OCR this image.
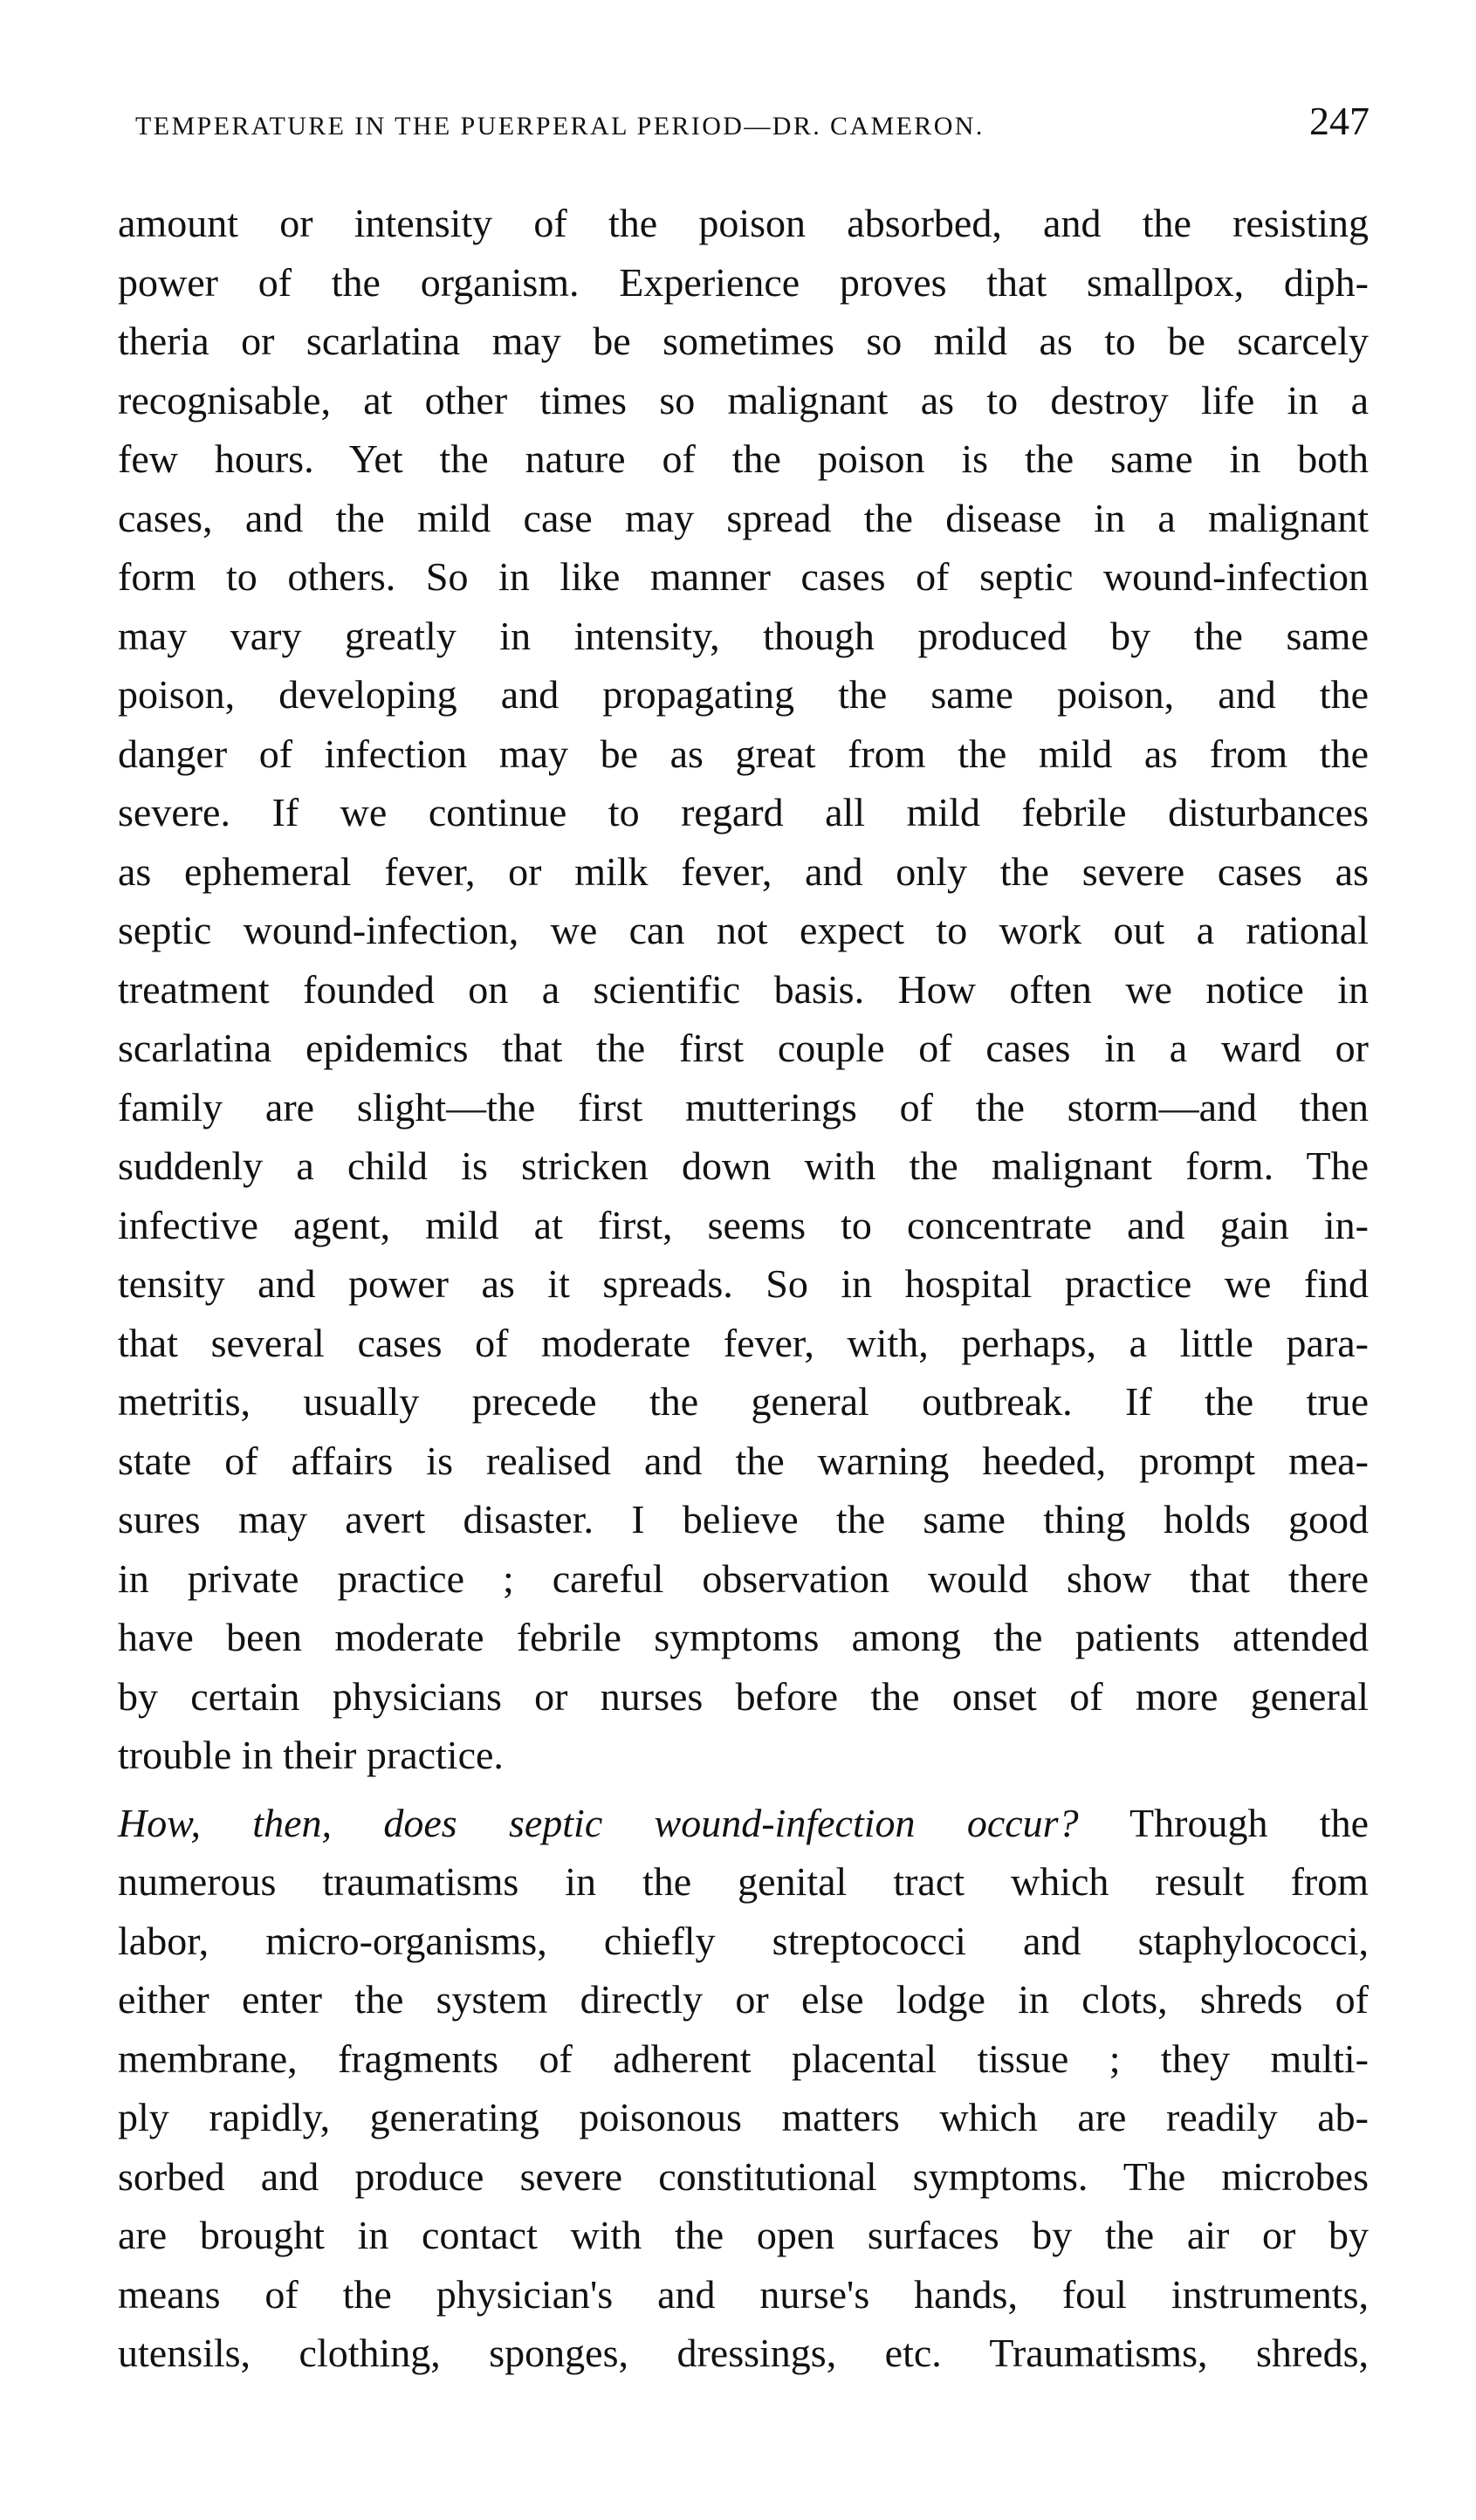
TEMPERATURE IN THE PUERPERAL PERIOD—DR. CAMERON.	247
amount or intensity of the poison absorbed, and the resisting
power of the organism. Experience proves that smallpox, diph-
theria or scarlatina may be sometimes so mild as to be scarcely
recognisable, at other times so malignant as to destroy life in a
few hours. Yet the nature of the poison is the same in both
cases, and the mild case may spread the disease in a malignant
form to others. So in like manner cases of septic wound-infection
may vary greatly in intensity, though produced by the same
poison, developing and propagating the same poison, and the
danger of infection may be as great from the mild as from the
severe. If we continue to regard all mild febrile disturbances
as ephemeral fever, or milk fever, and only the severe cases as
septic wound-infection, we can not expect to work out a rational
treatment founded on a scientific basis. How often we notice in
scarlatina epidemics that the first couple of cases in a ward or
family are slight—the first mutterings of the storm—and then
suddenly a child is stricken down with the malignant form. The
infective agent, mild at first, seems to concentrate and gain in-
tensity and power as it spreads. So in hospital practice we find
that several cases of moderate fever, with, perhaps, a little para-
metritis, usually precede the general outbreak. If the true
state of affairs is realised and the warning heeded, prompt mea-
sures may avert disaster. I believe the same thing holds good
in private practice ; careful observation would show that there
have been moderate febrile symptoms among the patients attended
by certain physicians or nurses before the onset of more general
trouble in their practice.
How, then, does septic wound-infection occur? Through the
numerous traumatisms in the genital tract which result from
labor, micro-organisms, chiefly streptococci and staphylococci,
either enter the system directly or else lodge in clots, shreds of
membrane, fragments of adherent placental tissue ; they multi-
ply rapidly, generating poisonous matters which are readily ab-
sorbed and produce severe constitutional symptoms. The microbes
are brought in contact with the open surfaces by the air or by
means of the physician's and nurse's hands, foul instruments,
utensils, clothing, sponges, dressings, etc. Traumatisms, shreds,
